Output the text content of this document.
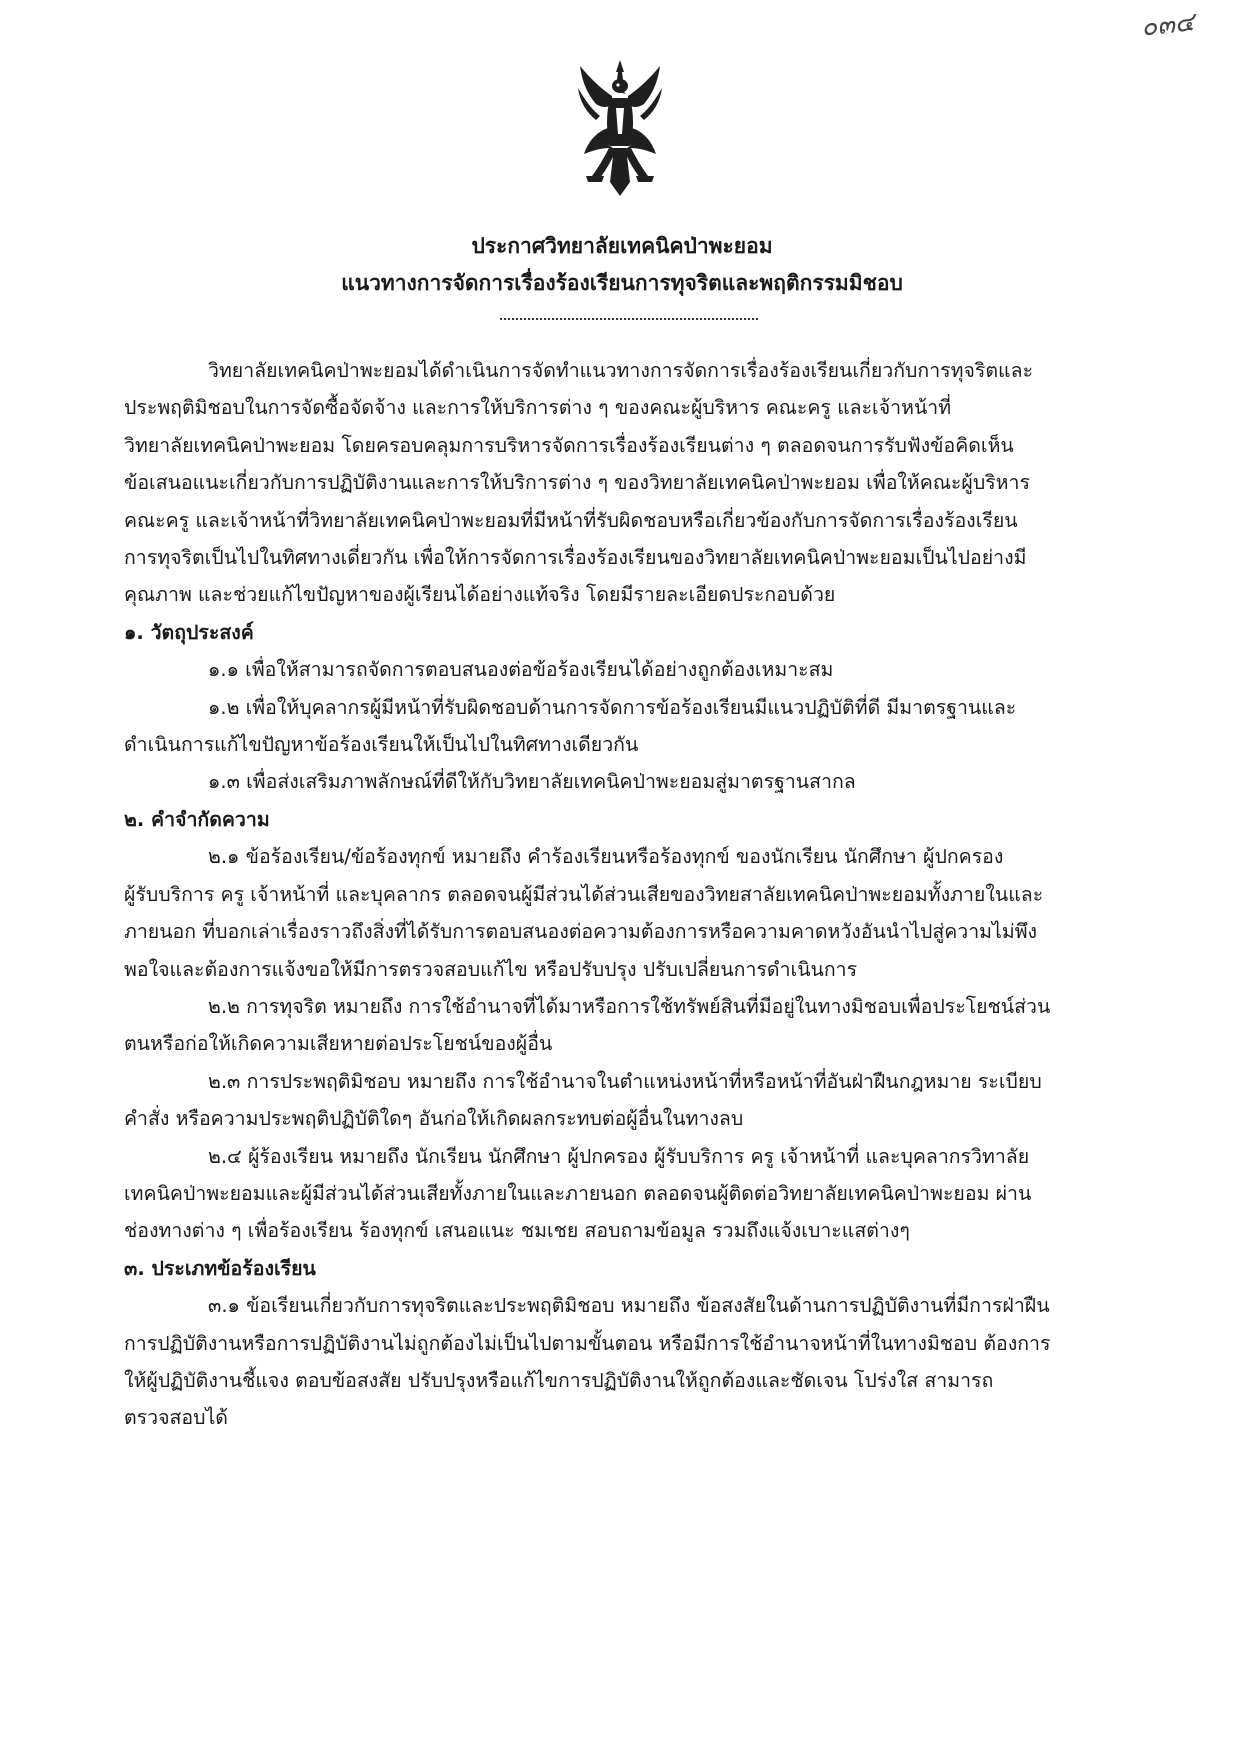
๐๓๔
ประกาศวิทยาลัยเทคนิคป่าพะยอม
แนวทางการจัดการเรื่องร้องเรียนการทุจริตและพฤติกรรมมิชอบ

วิทยาลัยเทคนิคป่าพะยอมได้ดำเนินการจัดทำแนวทางการจัดการเรื่องร้องเรียนเกี่ยวกับการทุจริตและ
ประพฤติมิชอบในการจัดซื้อจัดจ้าง และการให้บริการต่าง ๆ ของคณะผู้บริหาร คณะครู และเจ้าหน้าที่
วิทยาลัยเทคนิคป่าพะยอม โดยครอบคลุมการบริหารจัดการเรื่องร้องเรียนต่าง ๆ ตลอดจนการรับฟังข้อคิดเห็น
ข้อเสนอแนะเกี่ยวกับการปฏิบัติงานและการให้บริการต่าง ๆ ของวิทยาลัยเทคนิคป่าพะยอม เพื่อให้คณะผู้บริหาร
คณะครู และเจ้าหน้าที่วิทยาลัยเทคนิคป่าพะยอมที่มีหน้าที่รับผิดชอบหรือเกี่ยวข้องกับการจัดการเรื่องร้องเรียน
การทุจริตเป็นไปในทิศทางเดี่ยวกัน เพื่อให้การจัดการเรื่องร้องเรียนของวิทยาลัยเทคนิคป่าพะยอมเป็นไปอย่างมี
คุณภาพ และช่วยแก้ไขปัญหาของผู้เรียนได้อย่างแท้จริง โดยมีรายละเอียดประกอบด้วย

๑. วัตถุประสงค์

๑.๑ เพื่อให้สามารถจัดการตอบสนองต่อข้อร้องเรียนได้อย่างถูกต้องเหมาะสม

๑.๒ เพื่อให้บุคลากรผู้มีหน้าที่รับผิดชอบด้านการจัดการข้อร้องเรียนมีแนวปฏิบัติที่ดี มีมาตรฐานและ
ดำเนินการแก้ไขปัญหาข้อร้องเรียนให้เป็นไปในทิศทางเดียวกัน

๑.๓ เพื่อส่งเสริมภาพลักษณ์ที่ดีให้กับวิทยาลัยเทคนิคป่าพะยอมสู่มาตรฐานสากล

๒. คำจำกัดความ

๒.๑ ข้อร้องเรียน/ข้อร้องทุกข์ หมายถึง คำร้องเรียนหรือร้องทุกข์ ของนักเรียน นักศึกษา ผู้ปกครอง
ผู้รับบริการ ครู เจ้าหน้าที่ และบุคลากร ตลอดจนผู้มีส่วนได้ส่วนเสียของวิทยสาลัยเทคนิคป่าพะยอมทั้งภายในและ
ภายนอก ที่บอกเล่าเรื่องราวถึงสิ่งที่ได้รับการตอบสนองต่อความต้องการหรือความคาดหวังอันนำไปสู่ความไม่พึง
พอใจและต้องการแจ้งขอให้มีการตรวจสอบแก้ไข หรือปรับปรุง ปรับเปลี่ยนการดำเนินการ

๒.๒ การทุจริต หมายถึง การใช้อำนาจที่ได้มาหรือการใช้ทรัพย์สินที่มีอยู่ในทางมิชอบเพื่อประโยชน์ส่วน
ตนหรือก่อให้เกิดความเสียหายต่อประโยชน์ของผู้อื่น

๒.๓ การประพฤติมิชอบ หมายถึง การใช้อำนาจในตำแหน่งหน้าที่หรือหน้าที่อันฝ่าฝืนกฎหมาย ระเบียบ
คำสั่ง หรือความประพฤติปฏิบัติใดๆ อันก่อให้เกิดผลกระทบต่อผู้อื่นในทางลบ

๒.๔ ผู้ร้องเรียน หมายถึง นักเรียน นักศึกษา ผู้ปกครอง ผู้รับบริการ ครู เจ้าหน้าที่ และบุคลากรวิทาลัย
เทคนิคป่าพะยอมและผู้มีส่วนได้ส่วนเสียทั้งภายในและภายนอก ตลอดจนผู้ติดต่อวิทยาลัยเทคนิคป่าพะยอม ผ่าน
ช่องทางต่าง ๆ เพื่อร้องเรียน ร้องทุกข์ เสนอแนะ ชมเชย สอบถามข้อมูล รวมถึงแจ้งเบาะแสต่างๆ

๓. ประเภทข้อร้องเรียน

๓.๑ ข้อเรียนเกี่ยวกับการทุจริตและประพฤติมิชอบ หมายถึง ข้อสงสัยในด้านการปฏิบัติงานที่มีการฝ่าฝืน
การปฏิบัติงานหรือการปฏิบัติงานไม่ถูกต้องไม่เป็นไปตามขั้นตอน หรือมีการใช้อำนาจหน้าที่ในทางมิชอบ ต้องการ
ให้ผู้ปฏิบัติงานชี้แจง ตอบข้อสงสัย ปรับปรุงหรือแก้ไขการปฏิบัติงานให้ถูกต้องและชัดเจน โปร่งใส สามารถ
ตรวจสอบได้
